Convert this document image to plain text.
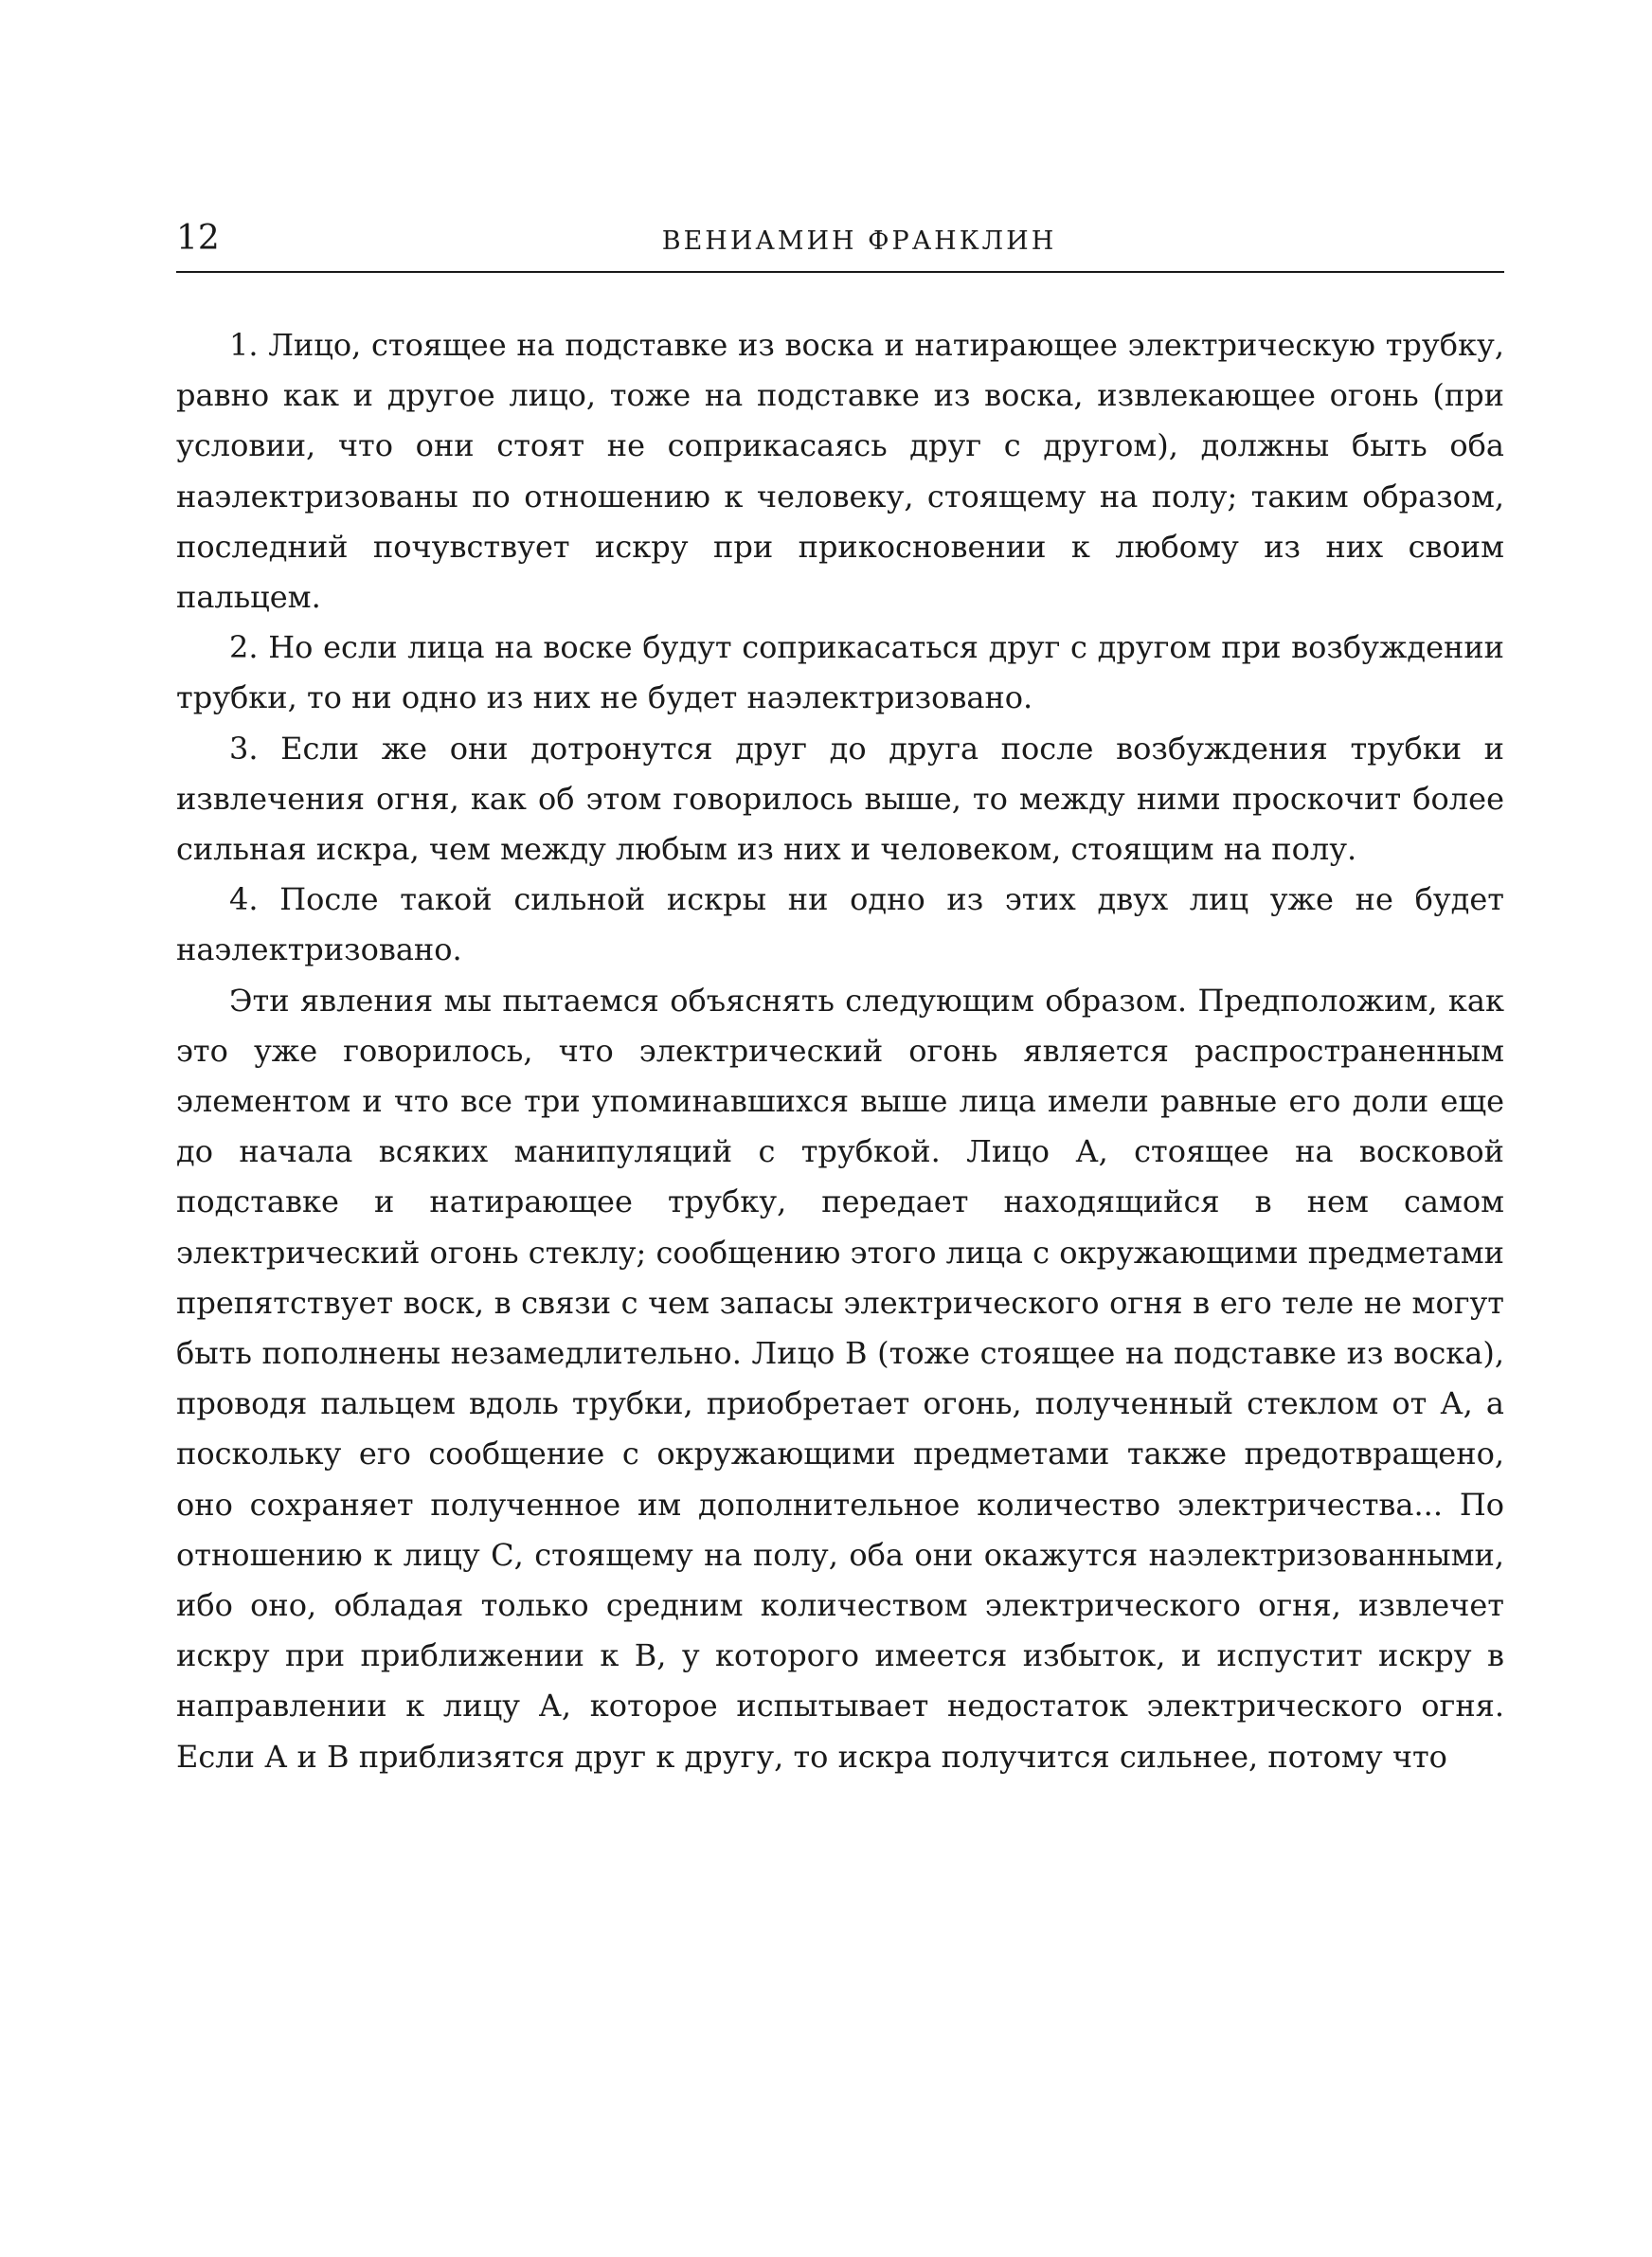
12	ВЕНИАМИН ФРАНКЛИН

1. Лицо, стоящее на подставке из воска и натирающее электрическую трубку, равно как и другое лицо, тоже на подставке из воска, извлекающее огонь (при условии, что они стоят не соприкасаясь друг с другом), должны быть оба наэлектризованы по отношению к человеку, стоящему на полу; таким образом, последний почувствует искру при прикосновении к любому из них своим пальцем.

2. Но если лица на воске будут соприкасаться друг с другом при возбуждении трубки, то ни одно из них не будет наэлектризовано.

3. Если же они дотронутся друг до друга после возбуждения трубки и извлечения огня, как об этом говорилось выше, то между ними проскочит более сильная искра, чем между любым из них и человеком, стоящим на полу.

4. После такой сильной искры ни одно из этих двух лиц уже не будет наэлектризовано.

Эти явления мы пытаемся объяснять следующим образом. Предположим, как это уже говорилось, что электрический огонь является распространенным элементом и что все три упоминавшихся выше лица имели равные его доли еще до начала всяких манипуляций с трубкой. Лицо А, стоящее на восковой подставке и натирающее трубку, передает находящийся в нем самом электрический огонь стеклу; сообщению этого лица с окружающими предметами препятствует воск, в связи с чем запасы электрического огня в его теле не могут быть пополнены незамедлительно. Лицо В (тоже стоящее на подставке из воска), проводя пальцем вдоль трубки, приобретает огонь, полученный стеклом от А, а поскольку его сообщение с окружающими предметами также предотвращено, оно сохраняет полученное им дополнительное количество электричества... По отношению к лицу С, стоящему на полу, оба они окажутся наэлектризованными, ибо оно, обладая только средним количеством электрического огня, извлечет искру при приближении к В, у которого имеется избыток, и испустит искру в направлении к лицу А, которое испытывает недостаток электрического огня. Если А и В приблизятся друг к другу, то искра получится сильнее, потому что
